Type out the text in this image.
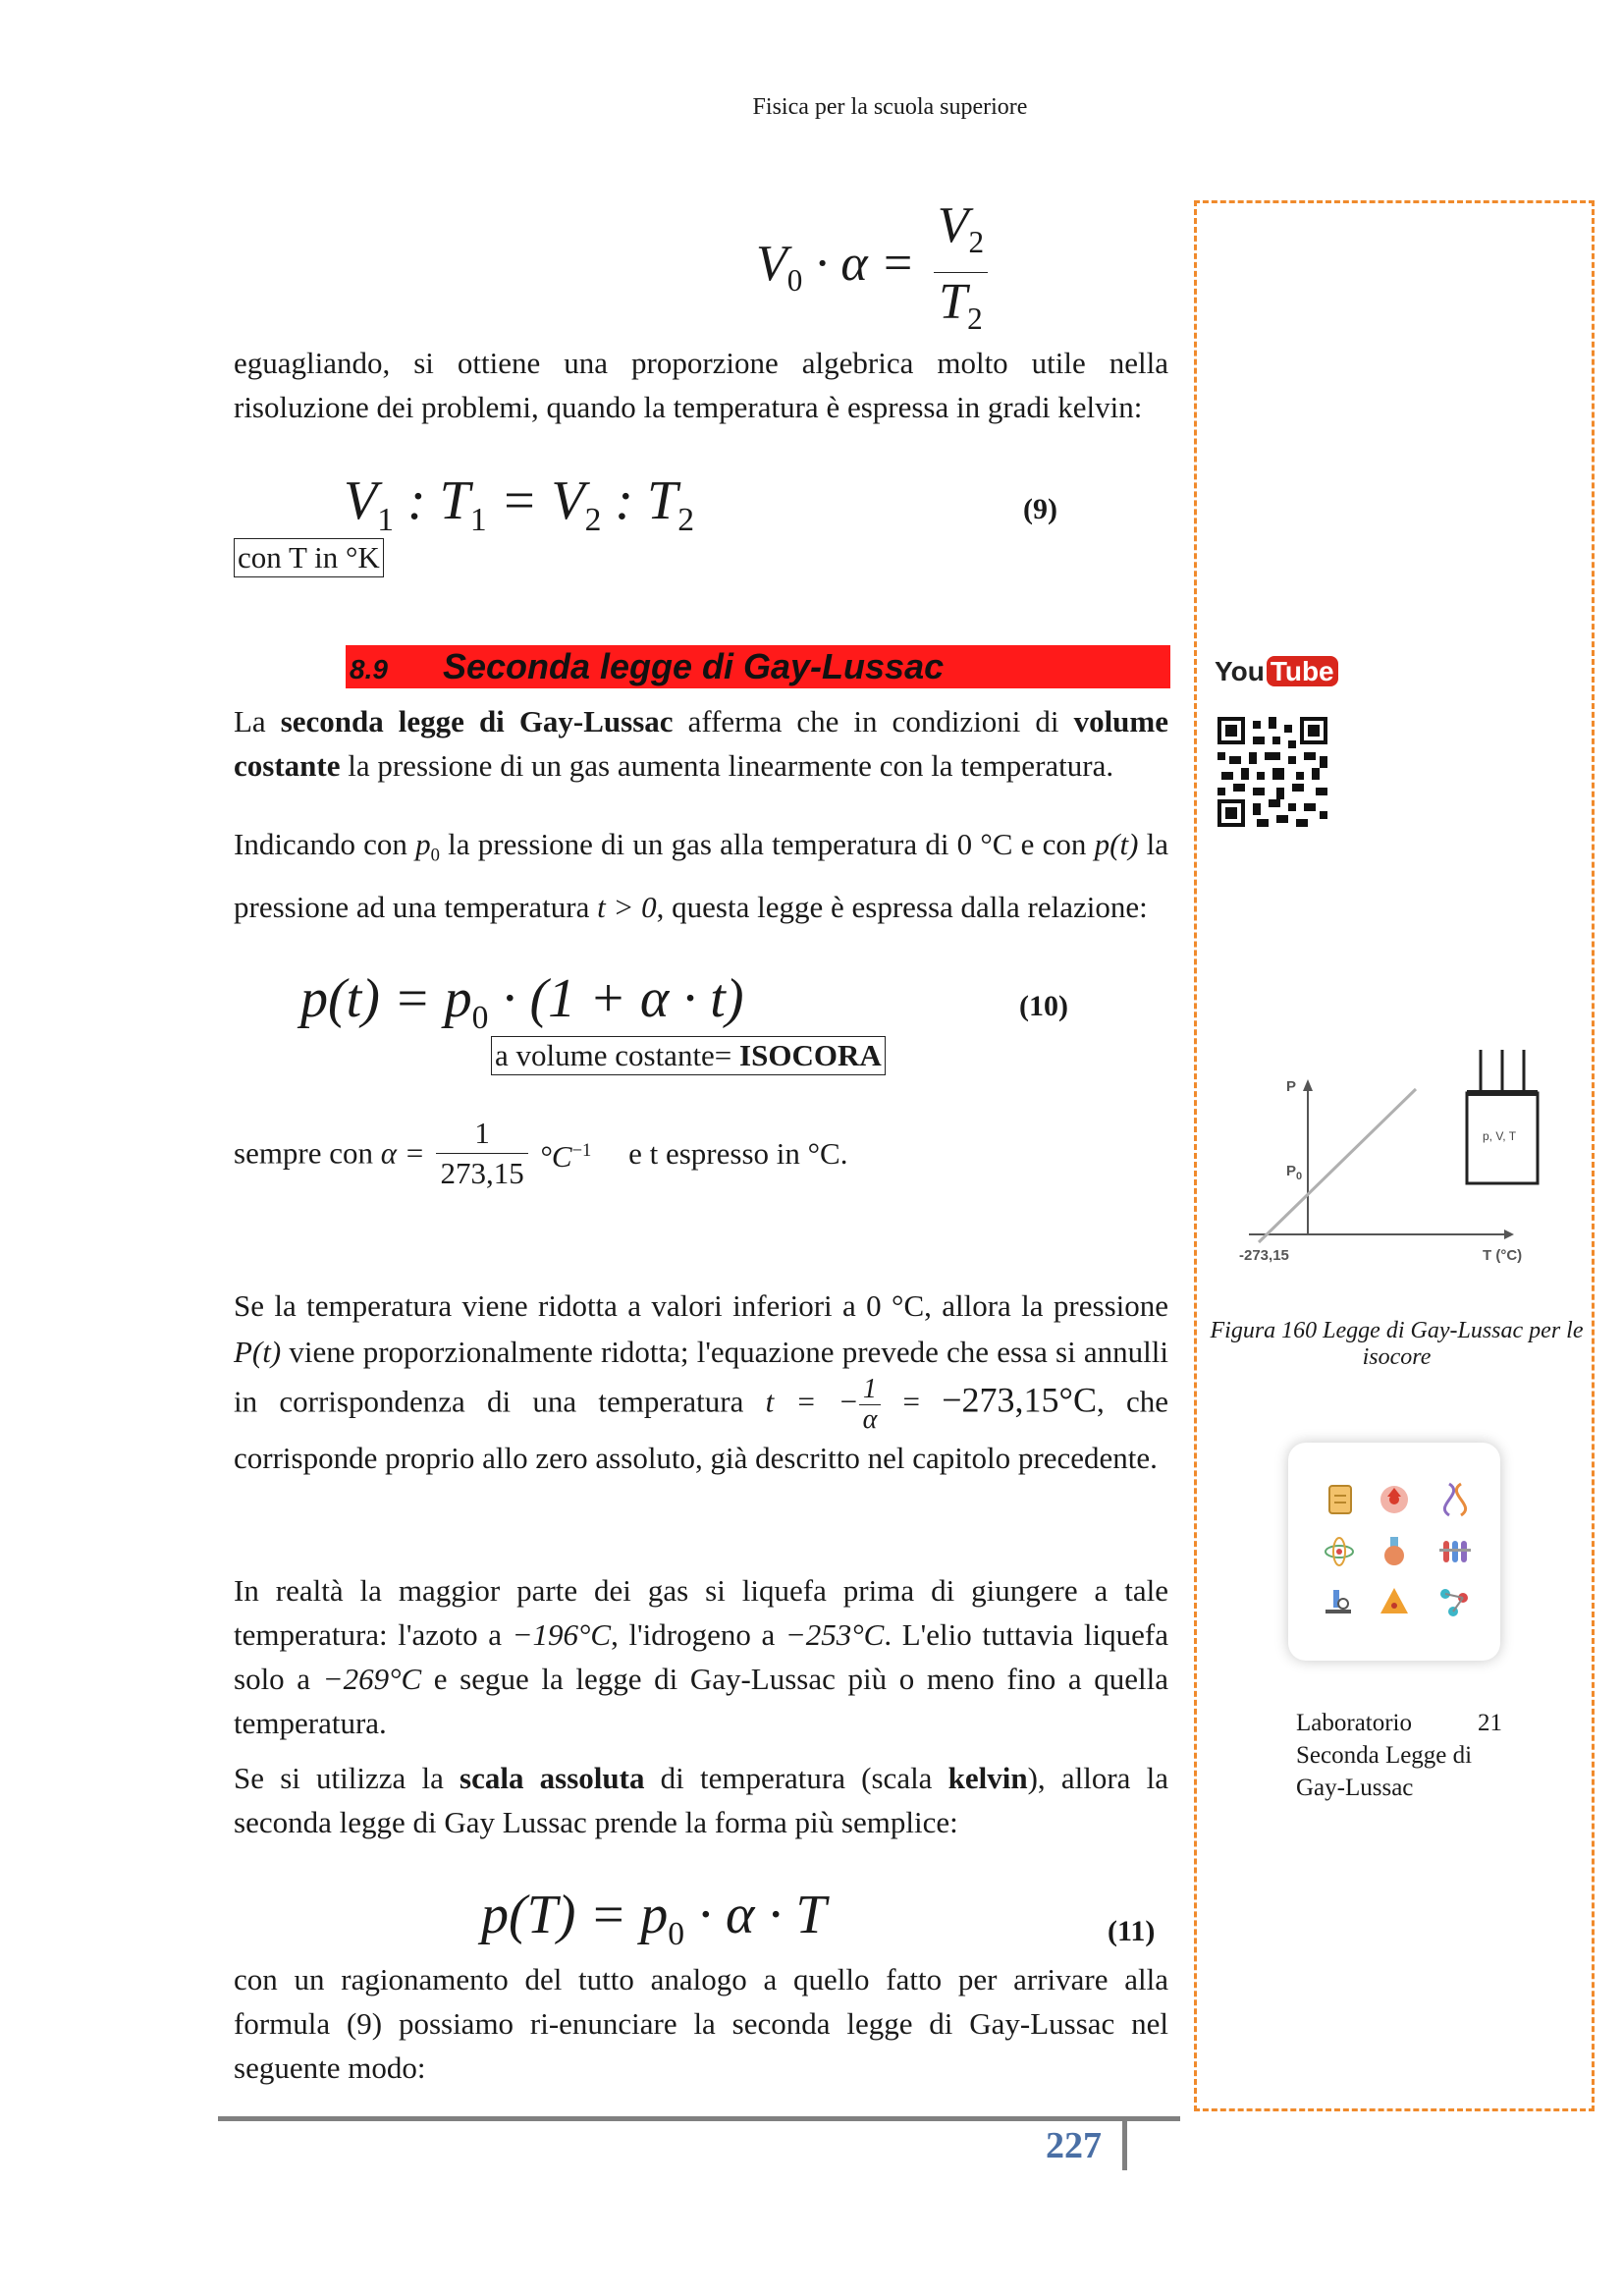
Fisica per la scuola superiore
$V_0 \cdot \alpha = \frac{V_2}{T_2}$
eguagliando, si ottiene una proporzione algebrica molto utile nella risoluzione dei problemi, quando la temperatura è espressa in gradi kelvin:
$V_1$ : $T_1 = V_2$ : $T_2$	(9)
con T in °K
8.9 Seconda legge di Gay-Lussac
La seconda legge di Gay-Lussac afferma che in condizioni di volume costante la pressione di un gas aumenta linearmente con la temperatura.
Indicando con $p_0$ la pressione di un gas alla temperatura di 0 °C e con p(t) la pressione ad una temperatura t > 0, questa legge è espressa dalla relazione:
$p(t) = p_0 \cdot (1 + \alpha \cdot t)$	(10)
a volume costante= ISOCORA
sempre con $\alpha = \frac{1}{273,15} ^\circ C^{-1}$ e t espresso in °C.
Se la temperatura viene ridotta a valori inferiori a 0 °C, allora la pressione P(t) viene proporzionalmente ridotta; l'equazione prevede che essa si annulli in corrispondenza di una temperatura t = − $\frac{1}{\alpha} = -273,15^\circ C$, che corrisponde proprio allo zero assoluto, già descritto nel capitolo precedente.
In realtà la maggior parte dei gas si liquefa prima di giungere a tale temperatura: l'azoto a −196°C, l'idrogeno a −253°C. L'elio tuttavia liquefa solo a −269°C e segue la legge di Gay-Lussac più o meno fino a quella temperatura.
Se si utilizza la scala assoluta di temperatura (scala kelvin), allora la seconda legge di Gay Lussac prende la forma più semplice:
$p(T) = p_0 \cdot \alpha \cdot T$	(11)
con un ragionamento del tutto analogo a quello fatto per arrivare alla formula (9) possiamo ri-enunciare la seconda legge di Gay-Lussac nel seguente modo:
You Tube
P
$P_0$
-273,15	T (°C)
p, V, T
Figura 160 Legge di Gay-Lussac per le isocore
Laboratorio	21
Seconda Legge di
Gay-Lussac
227
